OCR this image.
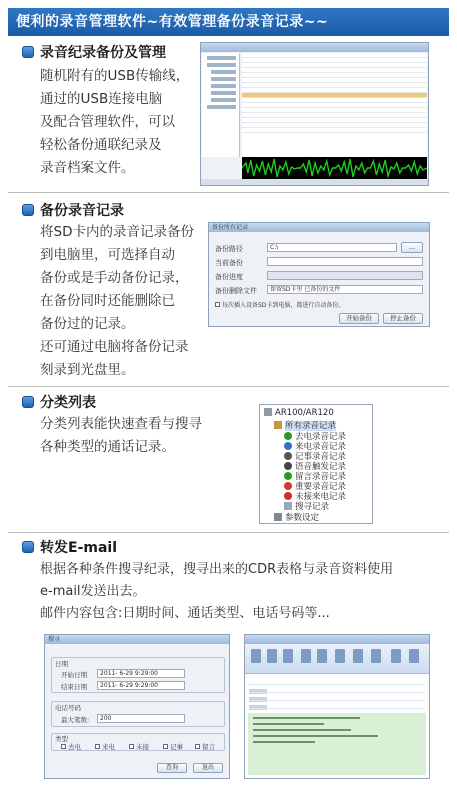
便利的录音管理软件~有效管理备份录音记录~~
录音纪录备份及管理
随机附有的USB传输线，
通过的USB连接电脑
及配合管理软件，可以
轻松备份通联纪录及
录音档案文件。
备份录音记录
将SD卡内的录音记录备份
到电脑里，可选择自动
备份或是手动备份记录，
在备份同时还能删除已
备份过的记录。
还可通过电脑将备份记录
刻录到光盘里。
备份所有记录
备份路径	C:\	...
当前备份
备份进度
备份删除文件	保留SD卡里 已备份的文件
每次插入设备SD卡到电脑，都进行自动备份。
开始备份	停止备份
分类列表
分类列表能快速查看与搜寻
各种类型的通话记录。
AR100/AR120
所有录音记录
去电录音记录
来电录音记录
记事录音记录
语音触发记录
留言录音记录
重要录音记录
未接来电记录
搜寻记录
参数设定
转发E-mail
根据各种条件搜寻纪录，搜寻出来的CDR表格与录音资料使用
e-mail发送出去。
邮件内容包含:日期时间、通话类型、电话号码等...
搜寻
日期
开始日期	2011- 6-29 9:29:00
结束日期	2011- 6-29 9:29:00
电话号码
最大笔数:	200
类型
去电	来电	未接	记事	留言
查询	退出
